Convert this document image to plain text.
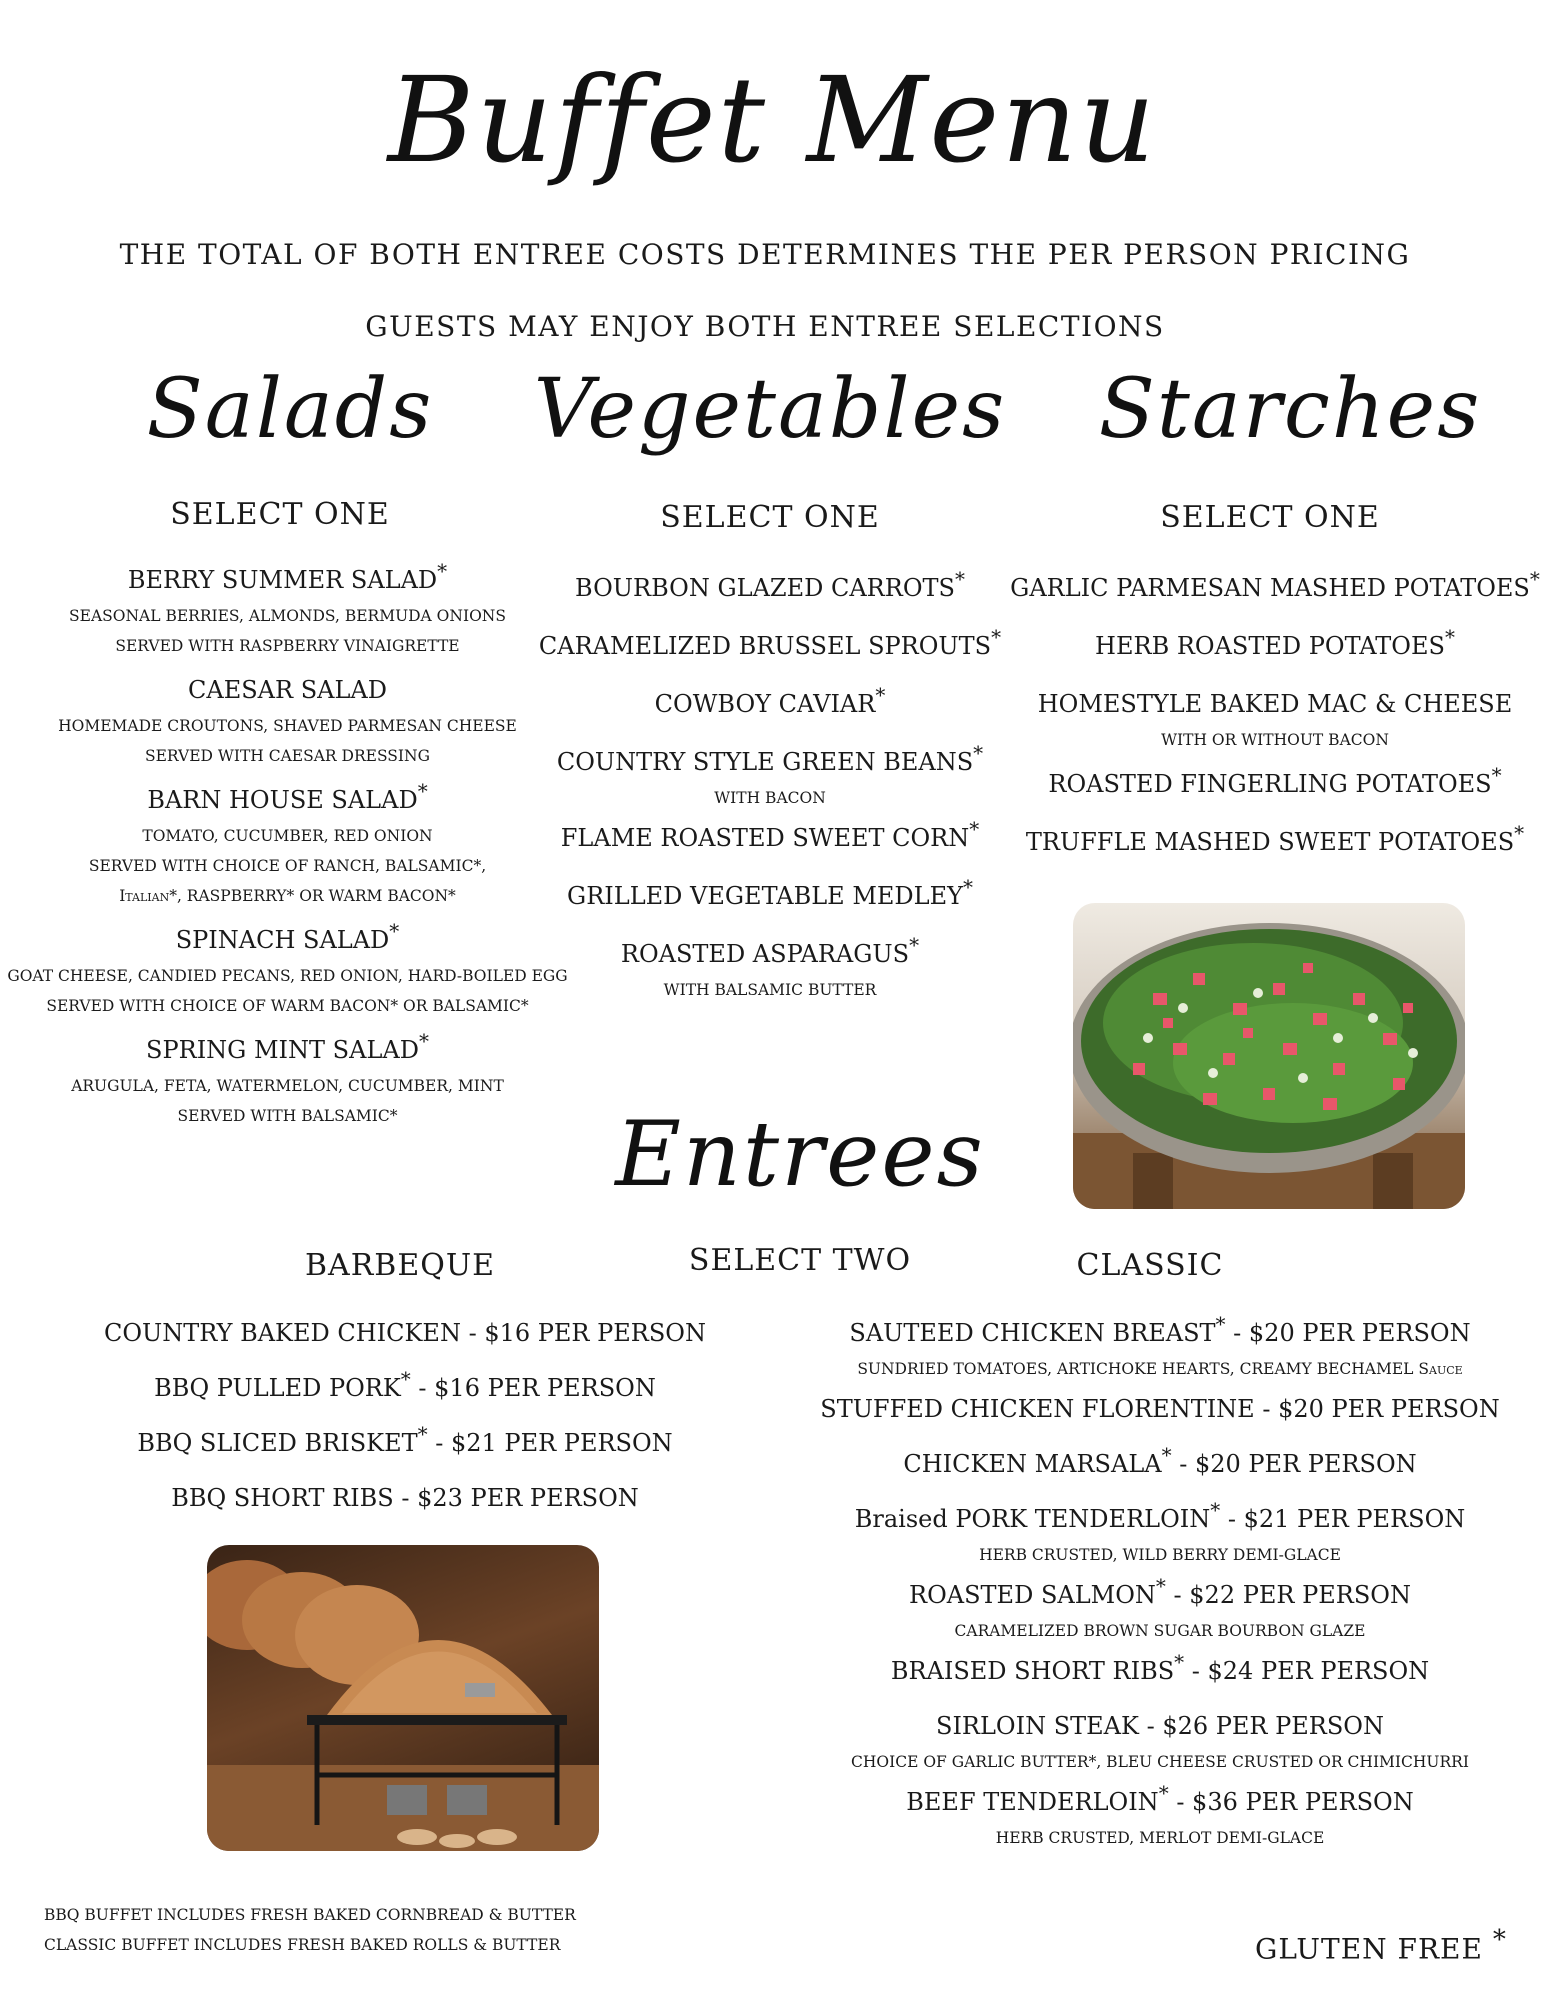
Buffet Menu
THE TOTAL OF BOTH ENTREE COSTS DETERMINES THE PER PERSON PRICING
GUESTS MAY ENJOY BOTH ENTREE SELECTIONS
Salads	Vegetables	Starches
SELECT ONE	SELECT ONE	SELECT ONE

BERRY SUMMER SALAD*

SEASONAL BERRIES, ALMONDS, BERMUDA ONIONS

SERVED WITH RASPBERRY VINAIGRETTE

CAESAR SALAD

HOMEMADE CROUTONS, SHAVED PARMESAN CHEESE

SERVED WITH CAESAR DRESSING

BARN HOUSE SALAD*

TOMATO, CUCUMBER, RED ONION

SERVED WITH CHOICE OF RANCH, BALSAMIC*,

Italian*, RASPBERRY* OR WARM BACON*

SPINACH SALAD*

GOAT CHEESE, CANDIED PECANS, RED ONION, HARD-BOILED EGG

SERVED WITH CHOICE OF WARM BACON* OR BALSAMIC*

SPRING MINT SALAD*

ARUGULA, FETA, WATERMELON, CUCUMBER, MINT

SERVED WITH BALSAMIC*

BOURBON GLAZED CARROTS*

CARAMELIZED BRUSSEL SPROUTS*

COWBOY CAVIAR*

COUNTRY STYLE GREEN BEANS*

WITH BACON

FLAME ROASTED SWEET CORN*

GRILLED VEGETABLE MEDLEY*

ROASTED ASPARAGUS*

WITH BALSAMIC BUTTER

GARLIC PARMESAN MASHED POTATOES*

HERB ROASTED POTATOES*

HOMESTYLE BAKED MAC & CHEESE

WITH OR WITHOUT BACON

ROASTED FINGERLING POTATOES*

TRUFFLE MASHED SWEET POTATOES*

Entrees
BARBEQUE	SELECT TWO	CLASSIC

COUNTRY BAKED CHICKEN - $16 PER PERSON

BBQ PULLED PORK* - $16 PER PERSON

BBQ SLICED BRISKET* - $21 PER PERSON

BBQ SHORT RIBS - $23 PER PERSON

SAUTEED CHICKEN BREAST* - $20 PER PERSON

SUNDRIED TOMATOES, ARTICHOKE HEARTS, CREAMY BECHAMEL Sauce

STUFFED CHICKEN FLORENTINE - $20 PER PERSON

CHICKEN MARSALA* - $20 PER PERSON

Braised PORK TENDERLOIN* - $21 PER PERSON

HERB CRUSTED, WILD BERRY DEMI-GLACE

ROASTED SALMON* - $22 PER PERSON

CARAMELIZED BROWN SUGAR BOURBON GLAZE

BRAISED SHORT RIBS* - $24 PER PERSON

SIRLOIN STEAK - $26 PER PERSON

CHOICE OF GARLIC BUTTER*, BLEU CHEESE CRUSTED OR CHIMICHURRI

BEEF TENDERLOIN* - $36 PER PERSON

HERB CRUSTED, MERLOT DEMI-GLACE

BBQ BUFFET INCLUDES FRESH BAKED CORNBREAD & BUTTER

CLASSIC BUFFET INCLUDES FRESH BAKED ROLLS & BUTTER	GLUTEN FREE *
